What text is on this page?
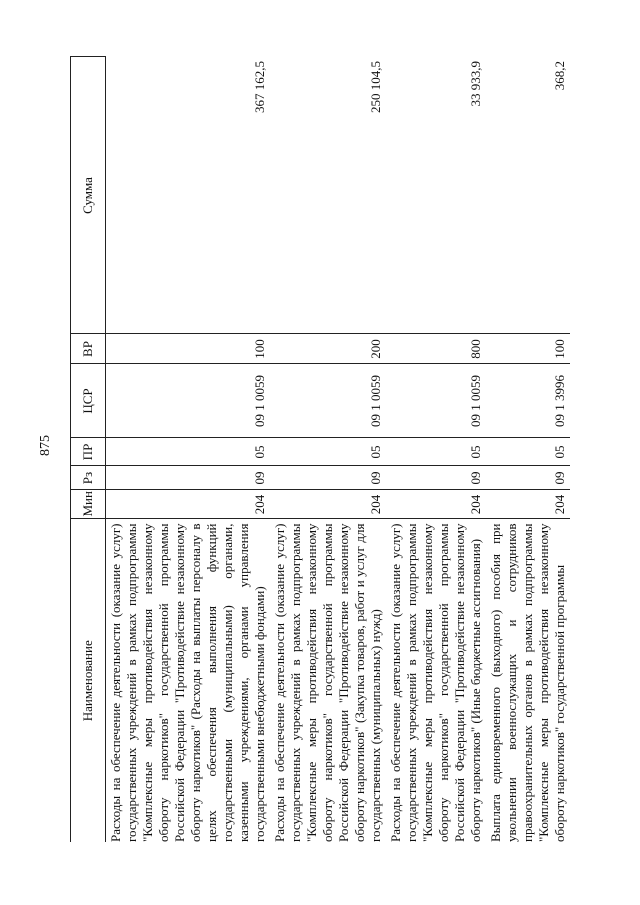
875
Наименование	Мин	Рз	ПР	ЦСР	ВР	Сумма
Расходы на обеспечение деятельности (оказание услуг) государственных учреждений в рамках подпрограммы "Комплексные меры противодействия незаконному обороту наркотиков" государственной программы Российской Федерации "Противодействие незаконному обороту наркотиков" (Расходы на выплаты персоналу в целях обеспечения выполнения функций государственными (муниципальными) органами, казенными учреждениями, органами управления государственными внебюджетными фондами)	204	09	05	09 1 0059	100	367 162,5
Расходы на обеспечение деятельности (оказание услуг) государственных учреждений в рамках подпрограммы "Комплексные меры противодействия незаконному обороту наркотиков" государственной программы Российской Федерации "Противодействие незаконному обороту наркотиков" (Закупка товаров, работ и услуг для государственных (муниципальных) нужд)	204	09	05	09 1 0059	200	250 104,5
Расходы на обеспечение деятельности (оказание услуг) государственных учреждений в рамках подпрограммы "Комплексные меры противодействия незаконному обороту наркотиков" государственной программы Российской Федерации "Противодействие незаконному обороту наркотиков" (Иные бюджетные ассигнования)	204	09	05	09 1 0059	800	33 933,9
Выплата единовременного (выходного) пособия при увольнении военнослужащих и сотрудников правоохранительных органов в рамках подпрограммы "Комплексные меры противодействия незаконному обороту наркотиков" государственной программы	204	09	05	09 1 3996	100	368,2
